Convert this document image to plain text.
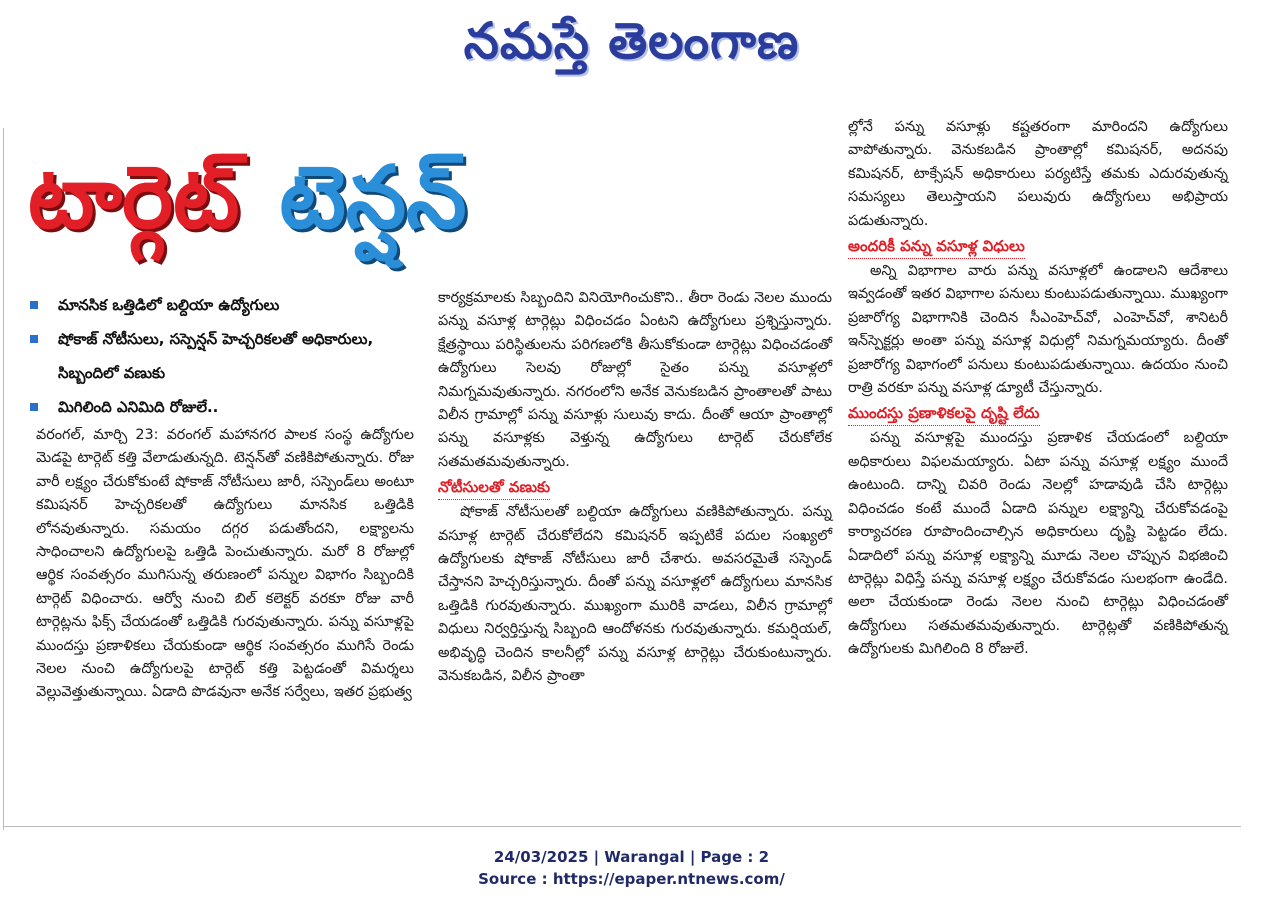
నమస్తే తెలంగాణ
టార్గెట్ టెన్షన్
మానసిక ఒత్తిడిలో బల్దియా ఉద్యోగులు
షోకాజ్ నోటీసులు, సస్పెన్షన్ హెచ్చరికలతో అధికారులు, సిబ్బందిలో వణుకు
మిగిలింది ఎనిమిది రోజులే..

వరంగల్, మార్చి 23: వరంగల్ మహానగర పాలక సంస్థ ఉద్యోగుల మెడపై టార్గెట్ కత్తి వేలాడుతున్నది. టెన్షన్‌తో వణికిపోతున్నారు. రోజు వారీ లక్ష్యం చేరుకోకుంటే షోకాజ్ నోటీసులు జారీ, సస్పెండ్‌లు అంటూ కమిషనర్ హెచ్చరికలతో ఉద్యోగులు మానసిక ఒత్తిడికి లోనవుతున్నారు. సమయం దగ్గర పడుతోందని, లక్ష్యాలను సాధించాలని ఉద్యోగులపై ఒత్తిడి పెంచుతున్నారు. మరో 8 రోజుల్లో ఆర్థిక సంవత్సరం ముగిసున్న తరుణంలో పన్నుల విభాగం సిబ్బందికి టార్గెట్ విధించారు. ఆర్వో నుంచి బిల్ కలెక్టర్ వరకూ రోజు వారీ టార్గెట్లను ఫిక్స్ చేయడంతో ఒత్తిడికి గురవుతున్నారు. పన్ను వసూళ్లపై ముందస్తు ప్రణాళికలు చేయకుండా ఆర్థిక సంవత్సరం ముగిసే రెండు నెలల నుంచి ఉద్యోగులపై టార్గెట్ కత్తి పెట్టడంతో విమర్శలు వెల్లువెత్తుతున్నాయి. ఏడాది పొడవునా అనేక సర్వేలు, ఇతర ప్రభుత్వ

కార్యక్రమాలకు సిబ్బందిని వినియోగించుకొని.. తీరా రెండు నెలల ముందు పన్ను వసూళ్ల టార్గెట్లు విధించడం ఏంటని ఉద్యోగులు ప్రశ్నిస్తున్నారు. క్షేత్రస్థాయి పరిస్థితులను పరిగణలోకి తీసుకోకుండా టార్గెట్లు విధించడంతో ఉద్యోగులు సెలవు రోజుల్లో సైతం పన్ను వసూళ్లలో నిమగ్నమవుతున్నారు. నగరంలోని అనేక వెనుకబడిన ప్రాంతాలతో పాటు విలీన గ్రామాల్లో పన్ను వసూళ్లు సులువు కాదు. దీంతో ఆయా ప్రాంతాల్లో పన్ను వసూళ్లకు వెళ్తున్న ఉద్యోగులు టార్గెట్ చేరుకోలేక సతమతమవుతున్నారు.

నోటీసులతో వణుకు

షోకాజ్ నోటీసులతో బల్దియా ఉద్యోగులు వణికిపోతున్నారు. పన్ను వసూళ్ల టార్గెట్ చేరుకోలేదని కమిషనర్ ఇప్పటికే పదుల సంఖ్యలో ఉద్యోగులకు షోకాజ్ నోటీసులు జారీ చేశారు. అవసరమైతే సస్పెండ్ చేస్తానని హెచ్చరిస్తున్నారు. దీంతో పన్ను వసూళ్లలో ఉద్యోగులు మానసిక ఒత్తిడికి గురవుతున్నారు. ముఖ్యంగా మురికి వాడలు, విలీన గ్రామాల్లో విధులు నిర్వర్తిస్తున్న సిబ్బంది ఆందోళనకు గురవుతున్నారు. కమర్షియల్, అభివృద్ధి చెందిన కాలనీల్లో పన్ను వసూళ్ల టార్గెట్లు చేరుకుంటున్నారు. వెనుకబడిన, విలీన ప్రాంతా

ల్లోనే పన్ను వసూళ్లు కష్టతరంగా మారిందని ఉద్యోగులు వాపోతున్నారు. వెనుకబడిన ప్రాంతాల్లో కమిషనర్, అదనపు కమిషనర్, టాక్సేషన్ అధికారులు పర్యటిస్తే తమకు ఎదురవుతున్న సమస్యలు తెలుస్తాయని పలువురు ఉద్యోగులు అభిప్రాయ పడుతున్నారు.

అందరికీ పన్ను వసూళ్ల విధులు

అన్ని విభాగాల వారు పన్ను వసూళ్లలో ఉండాలని ఆదేశాలు ఇవ్వడంతో ఇతర విభాగాల పనులు కుంటుపడుతున్నాయి. ముఖ్యంగా ప్రజారోగ్య విభాగానికి చెందిన సీఎంహెచ్‌వో, ఎంహెచ్‌వో, శానిటరీ ఇన్‌స్పెక్టర్లు అంతా పన్ను వసూళ్ల విధుల్లో నిమగ్నమయ్యారు. దీంతో ప్రజారోగ్య విభాగంలో పనులు కుంటుపడుతున్నాయి. ఉదయం నుంచి రాత్రి వరకూ పన్ను వసూళ్ల డ్యూటీ చేస్తున్నారు.

ముందస్తు ప్రణాళికలపై దృష్టి లేదు

పన్ను వసూళ్లపై ముందస్తు ప్రణాళిక చేయడంలో బల్దియా అధికారులు విఫలమయ్యారు. ఏటా పన్ను వసూళ్ల లక్ష్యం ముందే ఉంటుంది. దాన్ని చివరి రెండు నెలల్లో హడావుడి చేసి టార్గెట్లు విధించడం కంటే ముందే ఏడాది పన్నుల లక్ష్యాన్ని చేరుకోవడంపై కార్యాచరణ రూపొందించాల్సిన అధికారులు దృష్టి పెట్టడం లేదు. ఏడాదిలో పన్ను వసూళ్ల లక్ష్యాన్ని మూడు నెలల చొప్పున విభజించి టార్గెట్లు విధిస్తే పన్ను వసూళ్ల లక్ష్యం చేరుకోవడం సులభంగా ఉండేది. అలా చేయకుండా రెండు నెలల నుంచి టార్గెట్లు విధించడంతో ఉద్యోగులు సతమతమవుతున్నారు. టార్గెట్లతో వణికిపోతున్న ఉద్యోగులకు మిగిలింది 8 రోజులే.

24/03/2025 | Warangal | Page : 2
Source : https://epaper.ntnews.com/
